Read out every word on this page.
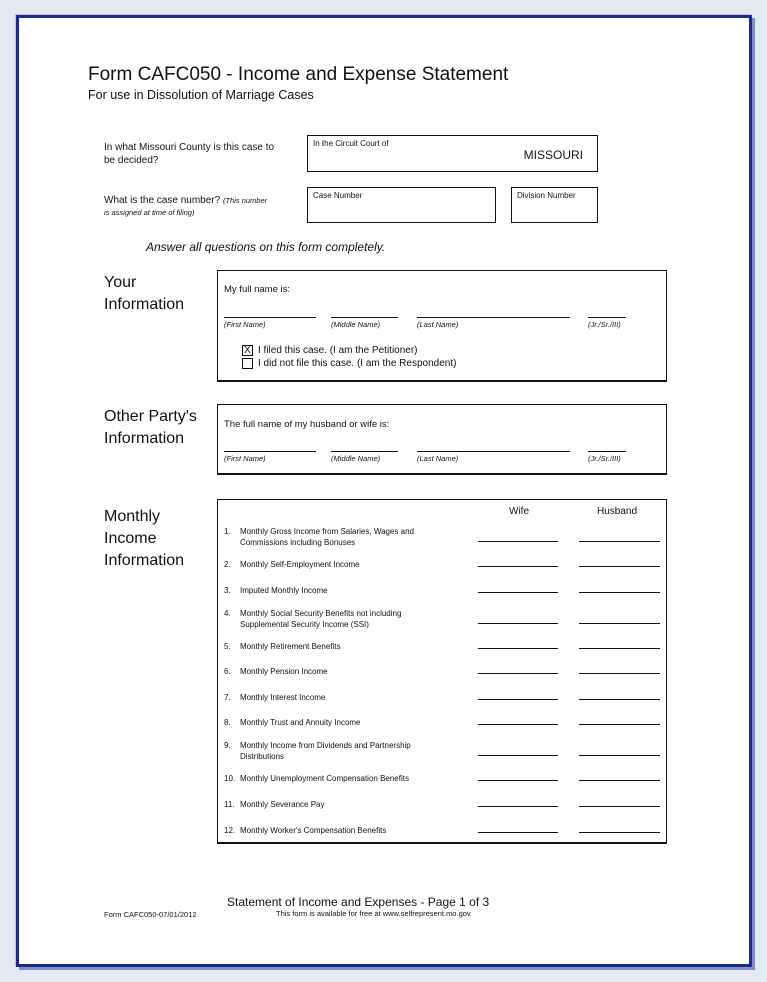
Form CAFC050 - Income and Expense Statement
For use in Dissolution of Marriage Cases
In what Missouri County is this case to
be decided?
In the Circuit Court of
MISSOURI
What is the case number? (This number
is assigned at time of filing)
Case Number	Division Number
Answer all questions on this form completely.
Your
Information
My full name is:
(First Name)	(Middle Name)	(Last Name)	(Jr./Sr./III)
X I filed this case. (I am the Petitioner)
I did not file this case. (I am the Respondent)
Other Party's
Information
The full name of my husband or wife is:
(First Name)	(Middle Name)	(Last Name)	(Jr./Sr./III)
Monthly
Income
Information
Wife	Husband
1. Monthly Gross Income from Salaries, Wages and
Commissions including Bonuses
2. Monthly Self-Employment Income
3. Imputed Monthly Income
4. Monthly Social Security Benefits not including
Supplemental Security Income (SSI)
5. Monthly Retirement Benefits
6. Monthly Pension Income
7. Monthly Interest Income
8. Monthly Trust and Annuity Income
9. Monthly Income from Dividends and Partnership
Distributions
10. Monthly Unemployment Compensation Benefits
11. Monthly Severance Pay
12. Monthly Worker's Compensation Benefits
Statement of Income and Expenses - Page 1 of 3
Form CAFC050-07/01/2012	This form is available for free at www.selfrepresent.mo.gov
